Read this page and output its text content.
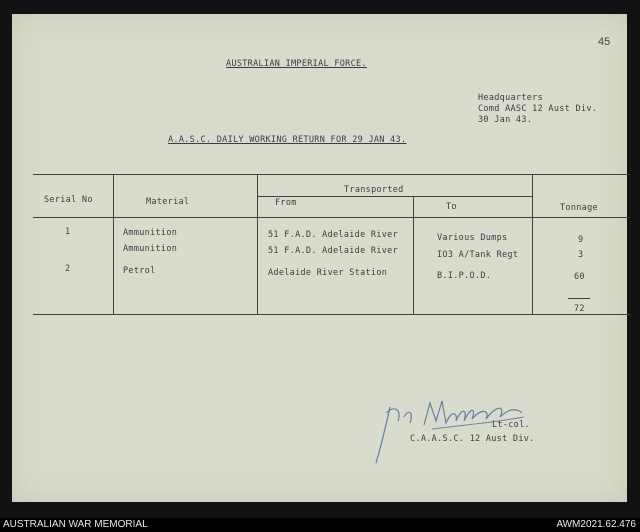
45
AUSTRALIAN IMPERIAL FORCE.
Headquarters
Comd AASC 12 Aust Div.
30 Jan 43.
A.A.S.C. DAILY WORKING RETURN FOR 29 JAN 43.
Serial No	Material
Transported
From	To	Tonnage
1	Ammunition	51 F.A.D. Adelaide River	Various Dumps	9
Ammunition	51 F.A.D. Adelaide River	IO3 A/Tank Regt	3
2	Petrol	Adelaide River Station	B.I.P.O.D.	60
72
Lt-col.
C.A.A.S.C. 12 Aust Div.
AUSTRALIAN WAR MEMORIAL	AWM2021.62.476
